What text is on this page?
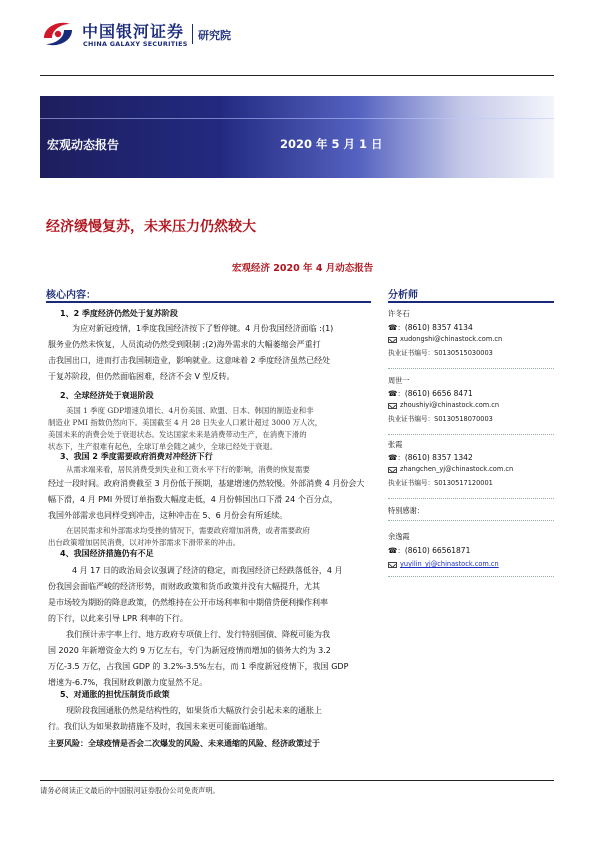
中国银河证券
CHINA GALAXY SECURITIES
研究院
宏观动态报告	2020 年 5 月 1 日
经济缓慢复苏，未来压力仍然较大
宏观经济 2020 年 4 月动态报告
核心内容：	分析师
1、2 季度经济仍然处于复苏阶段
为应对新冠疫情，1季度我国经济按下了暂停键。4 月份我国经济面临 :(1)
服务业仍然未恢复，人员流动仍然受到限制 ;(2)海外需求的大幅萎缩会严重打
击我国出口，进而打击我国制造业，影响就业。这意味着 2 季度经济虽然已经处
于复苏阶段，但仍然面临困难，经济不会 V 型反转。
2、全球经济处于衰退阶段
美国 1 季度 GDP增速负增长、4月份美国、欧盟、日本、韩国的制造业和非
制造业 PMI 指数仍然向下。美国截至 4 月 28 日失业人口累计超过 3000 万人次，
美国未来的消费会处于衰退状态。发达国家未来是消费带动生产，在消费下滑的
状态下，生产很难有起色，全球订单会随之减少，全球已经处于衰退。
3、我国 2 季度需要政府消费对冲经济下行
从需求端来看，居民消费受到失业和工资水平下行的影响，消费的恢复需要
经过一段时间。政府消费截至 3 月份低于预期，基建增速仍然较慢。外部消费 4 月份会大
幅下滑，4 月 PMI 外贸订单指数大幅度走低，4 月份韩国出口下滑 24 个百分点，
我国外部需求也同样受到冲击，这种冲击在 5、6 月份会有所延续。
在居民需求和外部需求均受挫的情况下，需要政府增加消费，或者需要政府
出台政策增加居民消费，以对冲外部需求下滑带来的冲击。
4、我国经济措施仍有不足
4 月 17 日的政治局会议强调了经济的稳定，而我国经济已经跌落低谷，4 月
份我国会面临严峻的经济形势，而财政政策和货币政策并没有大幅提升，尤其
是市场较为期盼的降息政策，仍然维持在公开市场利率和中期借贷便利操作利率
的下行，以此来引导 LPR 利率的下行。
我们预计赤字率上行、地方政府专项债上行、发行特别国债、降税可能为我
国 2020 年新增资金大约 9 万亿左右，专门为新冠疫情而增加的债务大约为 3.2
万亿-3.5 万亿，占我国 GDP 的 3.2%-3.5%左右，而 1 季度新冠疫情下，我国 GDP
增速为-6.7%，我国财政刺激力度显然不足。
5、对通胀的担忧压制货币政策
现阶段我国通胀仍然是结构性的，如果货币大幅放行会引起未来的通胀上
行。我们认为如果救助措施不及时，我国未来更可能面临通缩。
主要风险：全球疫情是否会二次爆发的风险、未来通缩的风险、经济政策过于
许冬石
☎：(8610) 8357 4134
xudongshi@chinastock.com.cn
执业证书编号：S0130515030003
周世一
☎：(8610) 6656 8471
zhoushiyi@chinastock.com.cn
执业证书编号：S0130518070003
张霞
☎：(8610) 8357 1342
zhangchen_yj@chinastock.com.cn
执业证书编号：S0130517120001
特别感谢：
余逸霞
☎：(8610) 66561871
yuyilin_yj@chinastock.com.cn
请务必阅读正文最后的中国银河证券股份公司免责声明。
